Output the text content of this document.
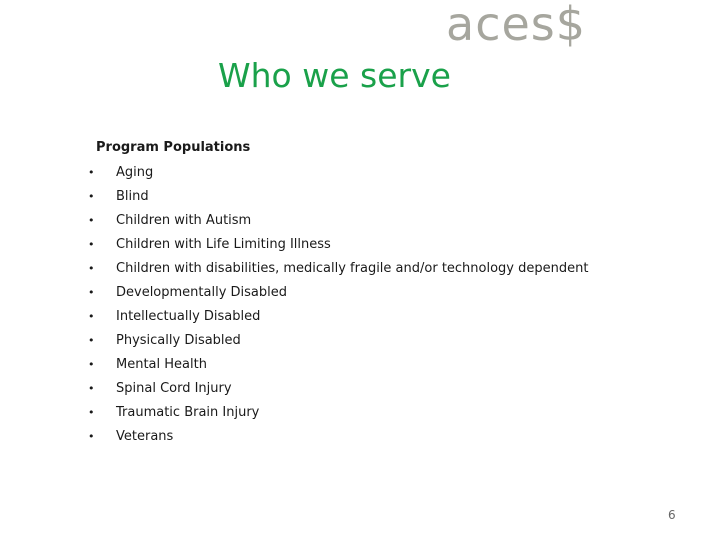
aces$
Who we serve
Program Populations
• Aging
• Blind
• Children with Autism
• Children with Life Limiting Illness
• Children with disabilities, medically fragile and/or technology dependent
• Developmentally Disabled
• Intellectually Disabled
• Physically Disabled
• Mental Health
• Spinal Cord Injury
• Traumatic Brain Injury
• Veterans
6
